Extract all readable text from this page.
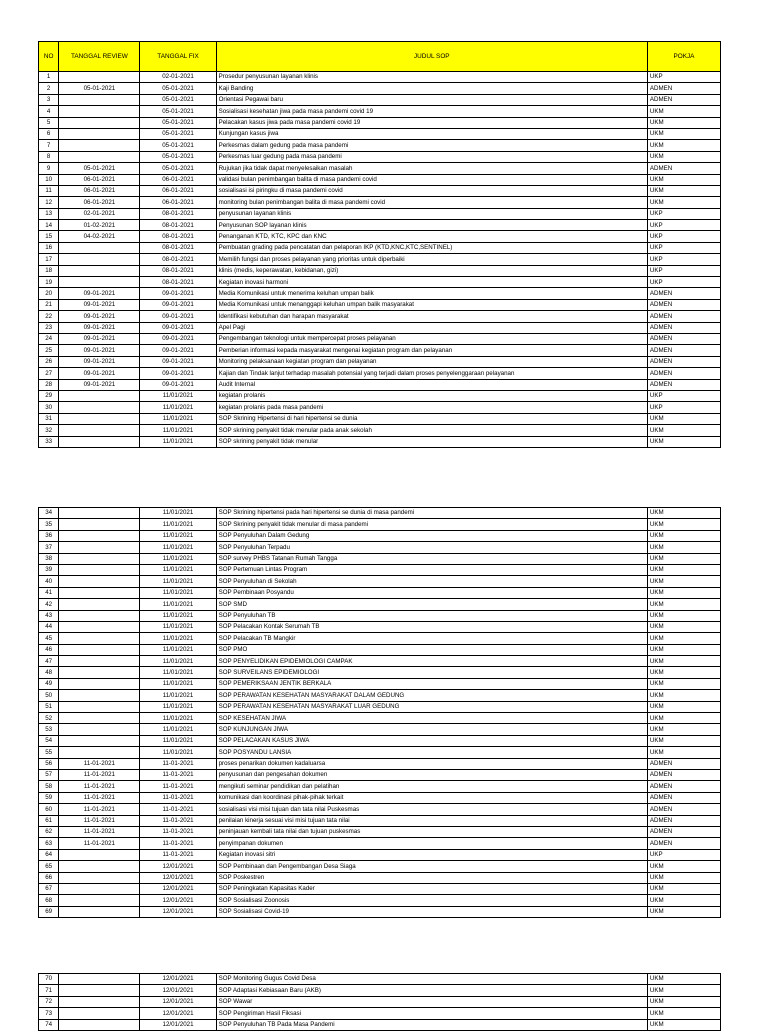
NO	TANGGAL REVIEW	TANGGAL FIX	JUDUL SOP	POKJA
1		02-01-2021	Prosedur penyusunan layanan klinis	UKP
2	05-01-2021	05-01-2021	Kaji Banding	ADMEN
3		05-01-2021	Orientasi Pegawai baru	ADMEN
4		05-01-2021	Sosialisasi kesehatan jiwa pada masa pandemi covid 19	UKM
5		05-01-2021	Pelacakan kasus jiwa pada masa pandemi covid 19	UKM
6		05-01-2021	Kunjungan kasus jiwa	UKM
7		05-01-2021	Perkesmas dalam gedung pada masa pandemi	UKM
8		05-01-2021	Perkesmas luar gedung pada masa pandemi	UKM
9	05-01-2021	05-01-2021	Rujukan jika tidak dapat menyelesaikan masalah	ADMEN
10	06-01-2021	06-01-2021	validasi bulan penimbangan balita di masa pandemi covid	UKM
11	06-01-2021	06-01-2021	sosialisasi isi piringku di masa pandemi covid	UKM
12	06-01-2021	06-01-2021	monitoring bulan penimbangan balita di masa pandemi covid	UKM
13	02-01-2021	08-01-2021	penyusunan layanan klinis	UKP
14	01-02-2021	08-01-2021	Penyusunan SOP layanan klinis	UKP
15	04-02-2021	08-01-2021	Penanganan KTD, KTC, KPC dan KNC	UKP
16		08-01-2021	Pembuatan grading pada pencatatan dan pelaporan IKP (KTD,KNC,KTC,SENTINEL)	UKP
17		08-01-2021	Memilih fungsi dan proses pelayanan yang prioritas untuk diperbaiki	UKP
18		08-01-2021	klinis (medis, keperawatan, kebidanan, gizi)	UKP
19		08-01-2021	Kegiatan inovasi harmoni	UKP
20	09-01-2021	09-01-2021	Media Komunikasi untuk menerima keluhan umpan balik	ADMEN
21	09-01-2021	09-01-2021	Media Komunikasi untuk menanggapi keluhan umpan balik masyarakat	ADMEN
22	09-01-2021	09-01-2021	Identifikasi kebutuhan dan harapan masyarakat	ADMEN
23	09-01-2021	09-01-2021	Apel Pagi	ADMEN
24	09-01-2021	09-01-2021	Pengembangan teknologi untuk mempercepat proses pelayanan	ADMEN
25	09-01-2021	09-01-2021	Pemberian informasi kepada masyarakat mengenai kegiatan program dan pelayanan	ADMEN
26	09-01-2021	09-01-2021	Monitoring pelaksanaan kegiatan program dan pelayanan	ADMEN
27	09-01-2021	09-01-2021	Kajian dan Tindak lanjut terhadap masalah potensial yang terjadi dalam proses penyelenggaraan pelayanan	ADMEN
28	09-01-2021	09-01-2021	Audit Internal	ADMEN
29		11/01/2021	kegiatan prolanis	UKP
30		11/01/2021	kegiatan prolanis pada masa pandemi	UKP
31		11/01/2021	SOP Skrining Hipertensi di hari hipertensi se dunia	UKM
32		11/01/2021	SOP skrining penyakit tidak menular pada anak sekolah	UKM
33		11/01/2021	SOP skrining penyakit tidak menular	UKM
34		11/01/2021	SOP Skrining hipertensi pada hari hipertensi se dunia di masa pandemi	UKM
35		11/01/2021	SOP Skrining penyakit tidak menular di masa pandemi	UKM
36		11/01/2021	SOP Penyuluhan Dalam Gedung	UKM
37		11/01/2021	SOP Penyuluhan Terpadu	UKM
38		11/01/2021	SOP survey PHBS Tatanan Rumah Tangga	UKM
39		11/01/2021	SOP Pertemuan Lintas Program	UKM
40		11/01/2021	SOP Penyuluhan di Sekolah	UKM
41		11/01/2021	SOP Pembinaan Posyandu	UKM
42		11/01/2021	SOP SMD	UKM
43		11/01/2021	SOP Penyuluhan TB	UKM
44		11/01/2021	SOP Pelacakan Kontak Serumah TB	UKM
45		11/01/2021	SOP Pelacakan TB Mangkir	UKM
46		11/01/2021	SOP PMO	UKM
47		11/01/2021	SOP PENYELIDIKAN EPIDEMIOLOGI CAMPAK	UKM
48		11/01/2021	SOP SURVEILANS EPIDEMIOLOGI	UKM
49		11/01/2021	SOP PEMERIKSAAN JENTIK BERKALA	UKM
50		11/01/2021	SOP PERAWATAN KESEHATAN MASYARAKAT DALAM GEDUNG	UKM
51		11/01/2021	SOP PERAWATAN KESEHATAN MASYARAKAT LUAR GEDUNG	UKM
52		11/01/2021	SOP KESEHATAN JIWA	UKM
53		11/01/2021	SOP KUNJUNGAN JIWA	UKM
54		11/01/2021	SOP PELACAKAN KASUS JIWA	UKM
55		11/01/2021	SOP POSYANDU LANSIA	UKM
56	11-01-2021	11-01-2021	proses penarikan dokumen kadaluarsa	ADMEN
57	11-01-2021	11-01-2021	penyusunan dan pengesahan dokumen	ADMEN
58	11-01-2021	11-01-2021	mengikuti seminar pendidikan dan pelatihan	ADMEN
59	11-01-2021	11-01-2021	komunikasi dan koordinasi pihak-pihak terkait	ADMEN
60	11-01-2021	11-01-2021	sosialisasi visi misi tujuan dan tata nilai Puskesmas	ADMEN
61	11-01-2021	11-01-2021	penilaian kinerja sesuai visi misi tujuan tata nilai	ADMEN
62	11-01-2021	11-01-2021	peninjauan kembali tata nilai dan tujuan puskesmas	ADMEN
63	11-01-2021	11-01-2021	penyimpanan dokumen	ADMEN
64		11-01-2021	Kegiatan inovasi sitri	UKP
65		12/01/2021	SOP Pembinaan dan Pengembangan Desa Siaga	UKM
66		12/01/2021	SOP Poskestren	UKM
67		12/01/2021	SOP Peningkatan Kapasitas Kader	UKM
68		12/01/2021	SOP Sosialisasi Zoonosis	UKM
69		12/01/2021	SOP Sosialisasi Covid-19	UKM
70		12/01/2021	SOP Monitoring Gugus Covid Desa	UKM
71		12/01/2021	SOP Adaptasi Kebiasaan Baru (AKB)	UKM
72		12/01/2021	SOP Wawar	UKM
73		12/01/2021	SOP Pengiriman Hasil Fiksasi	UKM
74		12/01/2021	SOP Penyuluhan TB Pada Masa Pandemi	UKM
